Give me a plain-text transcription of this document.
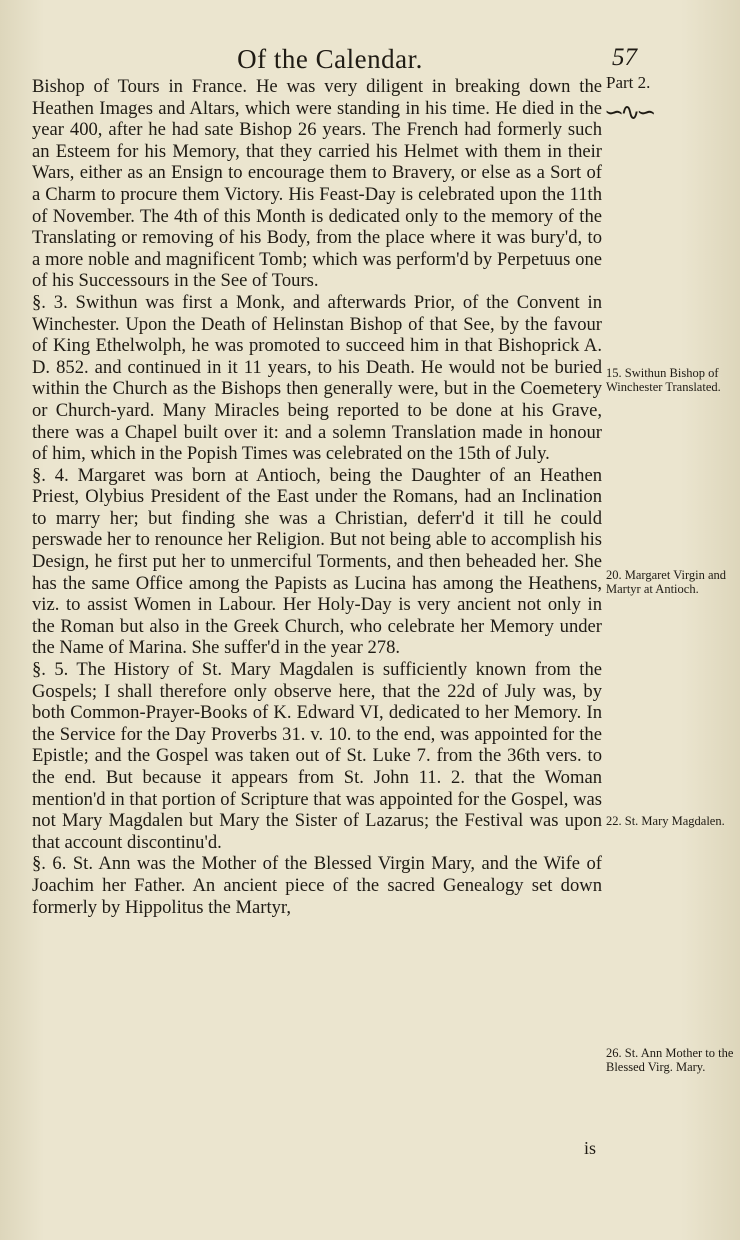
Of the Calendar.	57

Bishop of Tours in France. He was very diligent in breaking down the Heathen Images and Altars, which were standing in his time. He died in the year 400, after he had sate Bishop 26 years. The French had formerly such an Esteem for his Memory, that they carried his Helmet with them in their Wars, either as an Ensign to encourage them to Bravery, or else as a Sort of a Charm to procure them Victory. His Feast-Day is celebrated upon the 11th of November. The 4th of this Month is dedicated only to the memory of the Translating or removing of his Body, from the place where it was bury'd, to a more noble and magnificent Tomb; which was perform'd by Perpetuus one of his Successours in the See of Tours.

§. 3. Swithun was first a Monk, and afterwards Prior, of the Convent in Winchester. Upon the Death of Helinstan Bishop of that See, by the favour of King Ethelwolph, he was promoted to succeed him in that Bishoprick A. D. 852. and continued in it 11 years, to his Death. He would not be buried within the Church as the Bishops then generally were, but in the Coemetery or Church-yard. Many Miracles being reported to be done at his Grave, there was a Chapel built over it: and a solemn Translation made in honour of him, which in the Popish Times was celebrated on the 15th of July.

§. 4. Margaret was born at Antioch, being the Daughter of an Heathen Priest, Olybius President of the East under the Romans, had an Inclination to marry her; but finding she was a Christian, deferr'd it till he could perswade her to renounce her Religion. But not being able to accomplish his Design, he first put her to unmerciful Torments, and then beheaded her. She has the same Office among the Papists as Lucina has among the Heathens, viz. to assist Women in Labour. Her Holy-Day is very ancient not only in the Roman but also in the Greek Church, who celebrate her Memory under the Name of Marina. She suffer'd in the year 278.

§. 5. The History of St. Mary Magdalen is sufficiently known from the Gospels; I shall therefore only observe here, that the 22d of July was, by both Common-Prayer-Books of K. Edward VI, dedicated to her Memory. In the Service for the Day Proverbs 31. v. 10. to the end, was appointed for the Epistle; and the Gospel was taken out of St. Luke 7. from the 36th vers. to the end. But because it appears from St. John 11. 2. that the Woman mention'd in that portion of Scripture that was appointed for the Gospel, was not Mary Magdalen but Mary the Sister of Lazarus; the Festival was upon that account discontinu'd.

§. 6. St. Ann was the Mother of the Blessed Virgin Mary, and the Wife of Joachim her Father. An ancient piece of the sacred Genealogy set down formerly by Hippolitus the Martyr,

Part 2.
15. Swithun Bishop of Winchester Translated.
20. Margaret Virgin and Martyr at Antioch.
22. St. Mary Magdalen.
26. St. Ann Mother to the Blessed Virg. Mary.
∽∿∽
is
